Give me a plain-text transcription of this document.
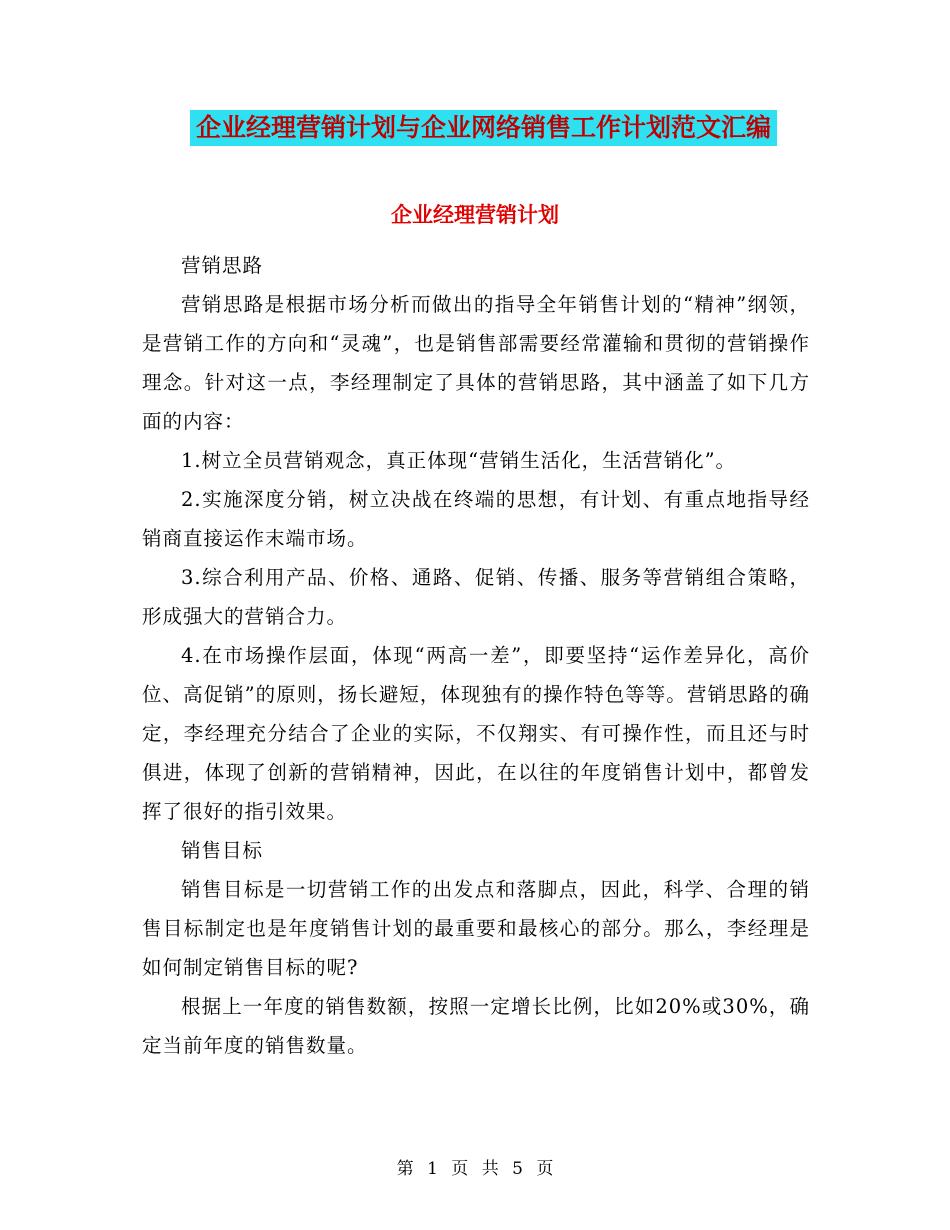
企业经理营销计划与企业网络销售工作计划范文汇编
企业经理营销计划

营销思路

营销思路是根据市场分析而做出的指导全年销售计划的“精神”纲领，是营销工作的方向和“灵魂”，也是销售部需要经常灌输和贯彻的营销操作理念。针对这一点，李经理制定了具体的营销思路，其中涵盖了如下几方面的内容：

1.树立全员营销观念，真正体现“营销生活化，生活营销化”。

2.实施深度分销，树立决战在终端的思想，有计划、有重点地指导经销商直接运作末端市场。

3.综合利用产品、价格、通路、促销、传播、服务等营销组合策略，形成强大的营销合力。

4.在市场操作层面，体现“两高一差”，即要坚持“运作差异化，高价位、高促销”的原则，扬长避短，体现独有的操作特色等等。营销思路的确定，李经理充分结合了企业的实际，不仅翔实、有可操作性，而且还与时俱进，体现了创新的营销精神，因此，在以往的年度销售计划中，都曾发挥了很好的指引效果。

销售目标

销售目标是一切营销工作的出发点和落脚点，因此，科学、合理的销售目标制定也是年度销售计划的最重要和最核心的部分。那么，李经理是如何制定销售目标的呢?

根据上一年度的销售数额，按照一定增长比例，比如20%或30%，确定当前年度的销售数量。

第 1 页 共 5 页
